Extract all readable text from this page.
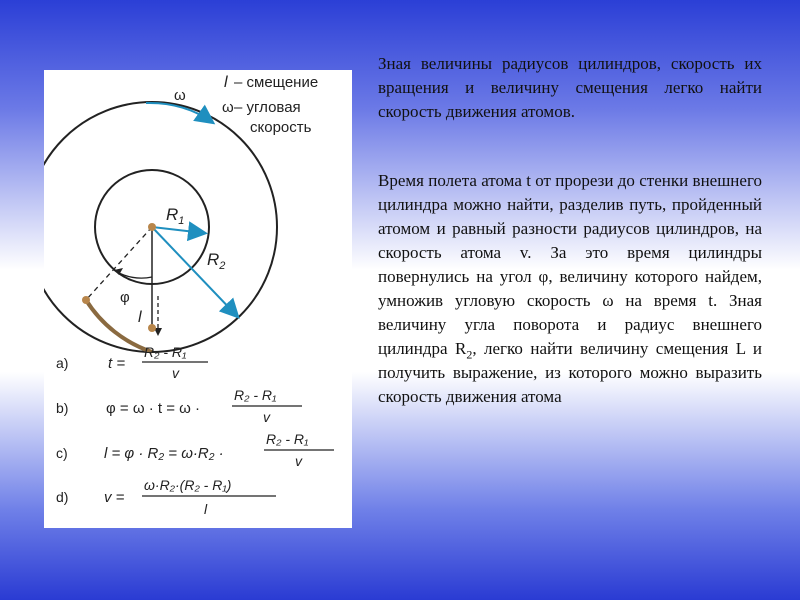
l – смещение
ω – угловая
скорость
ω
$R_1$
$R_2$
φ
l
a)	t =
R₂ - R₁
v
b)	φ = ω · t = ω ·
R₂ - R₁
v
c) l = φ · R₂ = ω·R₂ ·
R₂ - R₁
v
d) v =
ω·R₂·(R₂ - R₁)
l

Зная величины радиусов цилиндров, скорость их вращения и величину смещения легко найти скорость движения атомов.

Время полета атома t от прорези до стенки внешнего цилиндра можно найти, разделив путь, пройденный атомом и равный разности радиусов цилиндров, на скорость атома v. За это время цилиндры повернулись на угол φ, величину которого найдем, умножив угловую скорость ω на время t. Зная величину угла поворота и радиус внешнего цилиндра $R_2$, легко найти величину смещения L и получить выражение, из которого можно выразить скорость движения атома
